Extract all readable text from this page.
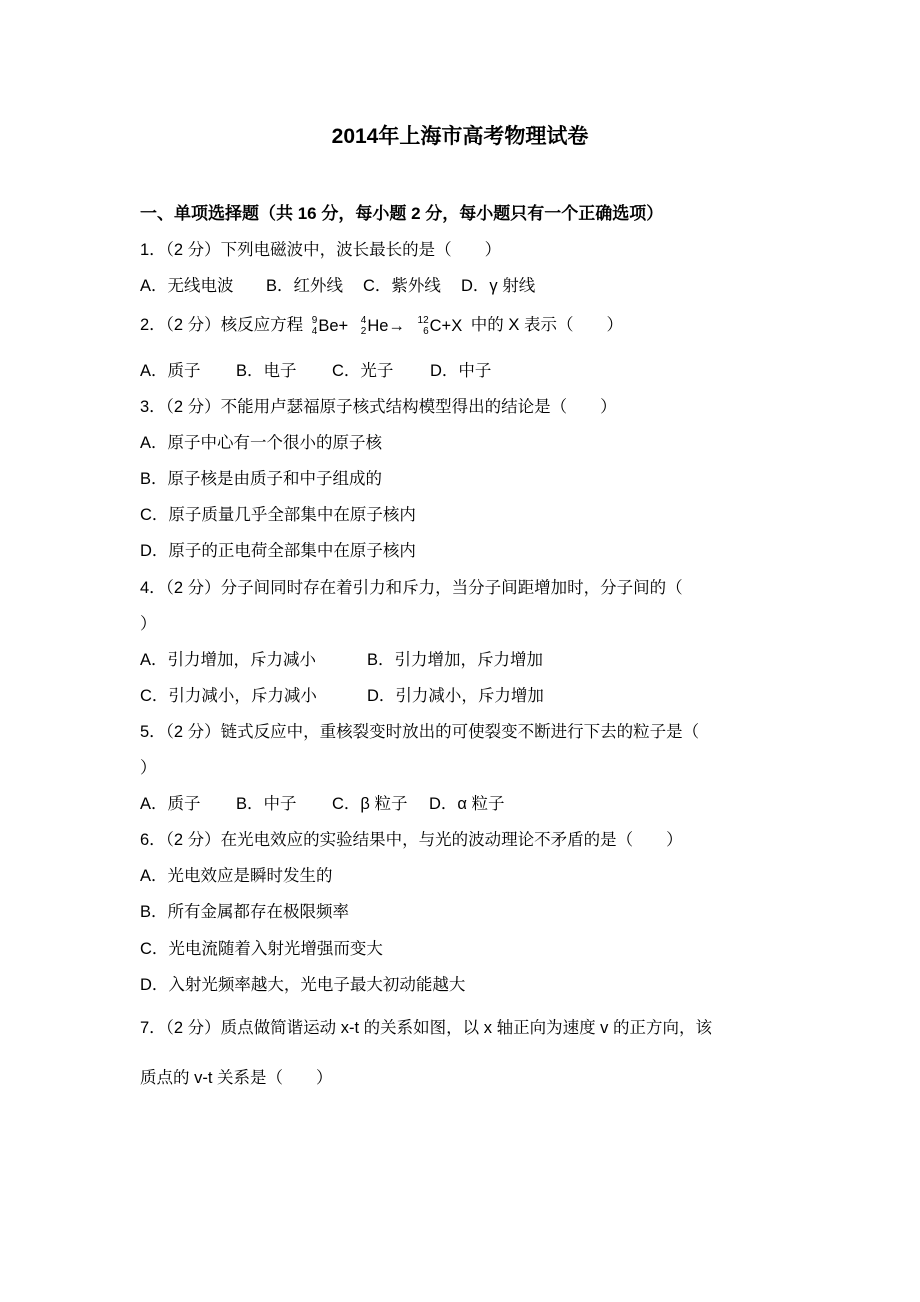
2014年上海市高考物理试卷
一、单项选择题（共 16 分，每小题 2 分，每小题只有一个正确选项）
1．（2 分）下列电磁波中，波长最长的是（　　）
A．无线电波 B．红外线 C．紫外线 D．γ 射线
2．（2 分）核反应方程 9
4 Be+
4
2 He→
12
6 C+X 中的 X 表示（　　）
A．质子 B．电子 C．光子 D．中子
3．（2 分）不能用卢瑟福原子核式结构模型得出的结论是（　　）
A．原子中心有一个很小的原子核
B．原子核是由质子和中子组成的
C．原子质量几乎全部集中在原子核内
D．原子的正电荷全部集中在原子核内
4．（2 分）分子间同时存在着引力和斥力，当分子间距增加时，分子间的（
）
A．引力增加，斥力减小	B．引力增加，斥力增加
C．引力减小，斥力减小	D．引力减小，斥力增加
5．（2 分）链式反应中，重核裂变时放出的可使裂变不断进行下去的粒子是（
）
A．质子 B．中子 C．β 粒子 D．α 粒子
6．（2 分）在光电效应的实验结果中，与光的波动理论不矛盾的是（　　）
A．光电效应是瞬时发生的
B．所有金属都存在极限频率
C．光电流随着入射光增强而变大
D．入射光频率越大，光电子最大初动能越大
7．（2 分）质点做简谐运动 x-t 的关系如图，以 x 轴正向为速度 v 的正方向，该
质点的 v-t 关系是（　　）
